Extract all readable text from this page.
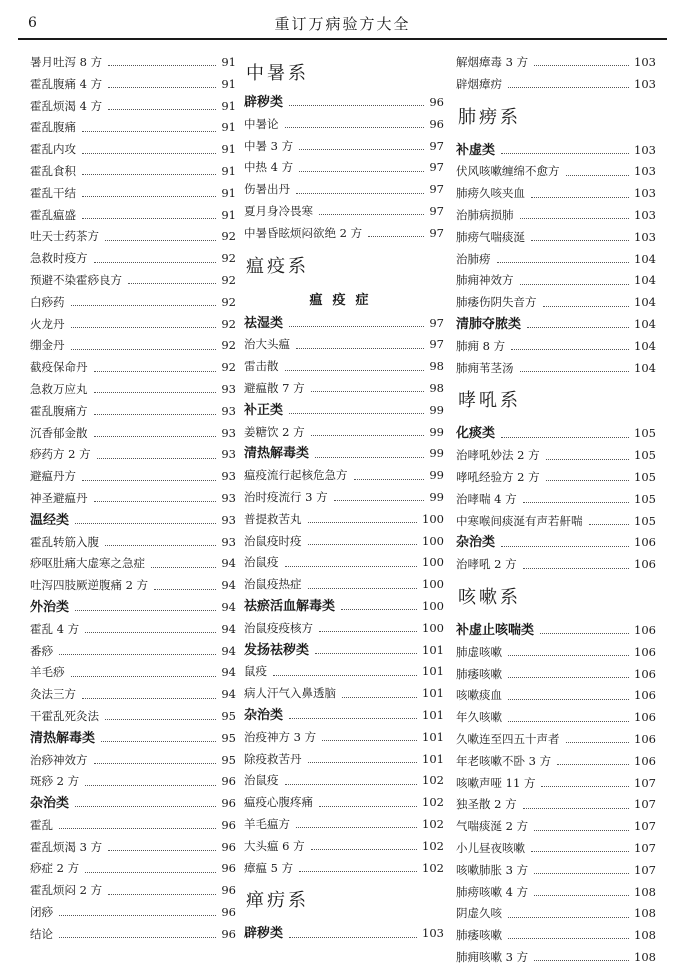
6	重订万病验方大全
暑月吐泻 8 方	91
霍乱腹痛 4 方	91
霍乱烦渴 4 方	91
霍乱腹痛	91
霍乱内攻	91
霍乱食积	91
霍乱干结	91
霍乱瘟盛	91
吐天士药茶方	92
急救时疫方	92
预避不染霍痧良方	92
白痧药	92
火龙丹	92
绷金丹	92
截疫保命丹	92
急救万应丸	93
霍乱腹痛方	93
沉香郁金散	93
痧药方 2 方	93
避瘟丹方	93
神圣避瘟丹	93
温经类	93
霍乱转筋入腹	93
痧呕肚痛大虚寒之急症	94
吐泻四肢厥逆腹痛 2 方	94
外治类	94
霍乱 4 方	94
番痧	94
羊毛痧	94
灸法三方	94
干霍乱死灸法	95
清热解毒类	95
治痧神效方	95
斑痧 2 方	96
杂治类	96
霍乱	96
霍乱烦渴 3 方	96
痧症 2 方	96
霍乱烦闷 2 方	96
闭痧	96
结论	96
中暑系
辟秽类	96
中暑论	96
中暑 3 方	97
中热 4 方	97
伤暑出丹	97
夏月身冷畏寒	97
中暑昏眩烦闷欲绝 2 方	97
瘟疫系
瘟疫症
祛湿类	97
治大头瘟	97
雷击散	98
避瘟散 7 方	98
补正类	99
姜糖饮 2 方	99
清热解毒类	99
瘟疫流行起核危急方	99
治时疫流行 3 方	99
普提救苦丸	100
治鼠疫时疫	100
治鼠疫	100
治鼠疫热症	100
祛瘀活血解毒类	100
治鼠疫疫核方	100
发扬祛秽类	101
鼠疫	101
病人汗气入鼻透脑	101
杂治类	101
治疫神方 3 方	101
除疫救苦丹	101
治鼠疫	102
瘟疫心腹疼痛	102
羊毛瘟方	102
大头瘟 6 方	102
瘴瘟 5 方	102
瘅疠系
辟秽类	103
解烟瘴毒 3 方	103
辟烟瘴疠	103
肺痨系
补虚类	103
伏风咳嗽缠绵不愈方	103
肺痨久咳夹血	103
治肺病损肺	103
肺痨气喘痰涎	103
治肺痨	104
肺痈神效方	104
肺痿伤阴失音方	104
清肺夺脓类	104
肺痈 8 方	104
肺痈苇茎汤	104
哮吼系
化痰类	105
治哮吼妙法 2 方	105
哮吼经验方 2 方	105
治哮喘 4 方	105
中寒喉间痰涎有声若鼾喘	105
杂治类	106
治哮吼 2 方	106
咳嗽系
补虚止咳喘类	106
肺虚咳嗽	106
肺痿咳嗽	106
咳嗽痰血	106
年久咳嗽	106
久嗽连至四五十声者	106
年老咳嗽不卧 3 方	106
咳嗽声哑 11 方	107
独圣散 2 方	107
气喘痰涎 2 方	107
小儿昼夜咳嗽	107
咳嗽肺胀 3 方	107
肺痨咳嗽 4 方	108
阴虚久咳	108
肺痿咳嗽	108
肺痈咳嗽 3 方	108
